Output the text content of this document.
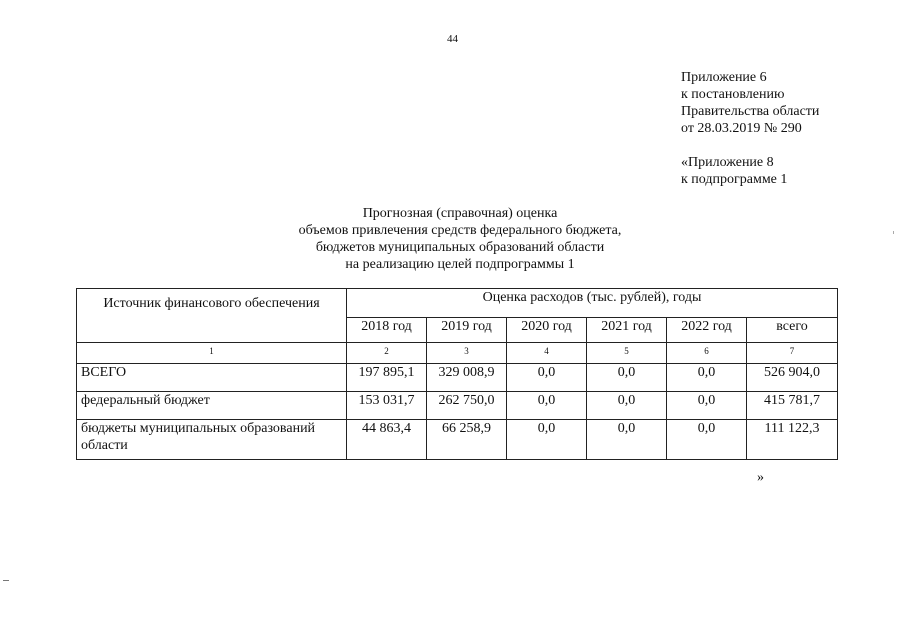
44
Приложение 6
к постановлению
Правительства области
от 28.03.2019 № 290
«Приложение 8
к подпрограмме 1
Прогнозная (справочная) оценка
объемов привлечения средств федерального бюджета,
бюджетов муниципальных образований области
на реализацию целей подпрограммы 1
Источник финансового обеспечения	Оценка расходов (тыс. рублей), годы					
	2018 год	2019 год	2020 год	2021 год	2022 год	всего
1	2	3	4	5	6	7
ВСЕГО	197 895,1	329 008,9	0,0	0,0	0,0	526 904,0
федеральный бюджет	153 031,7	262 750,0	0,0	0,0	0,0	415 781,7
бюджеты муниципальных образований области	44 863,4	66 258,9	0,0	0,0	0,0	111 122,3
»
